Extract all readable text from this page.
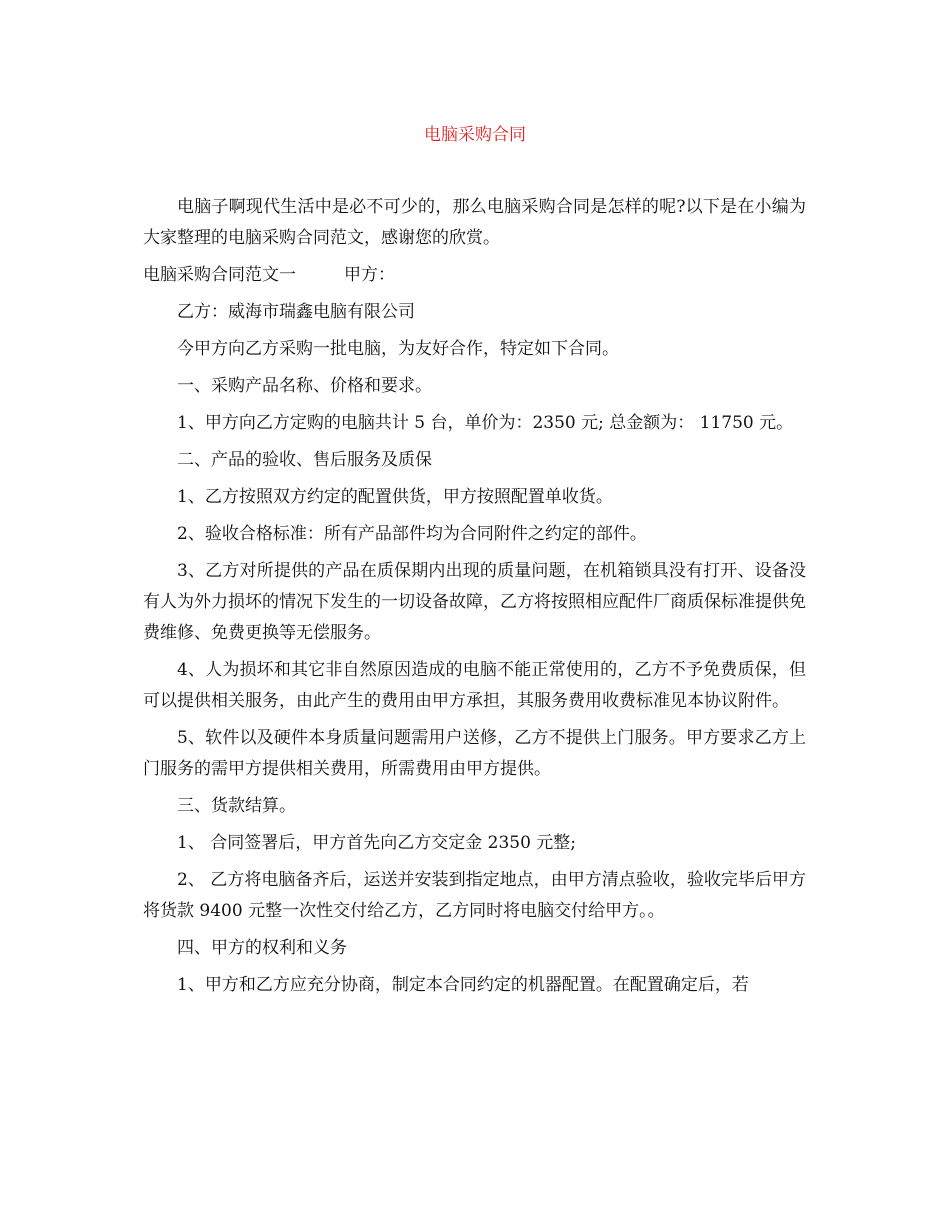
电脑采购合同

电脑子啊现代生活中是必不可少的，那么电脑采购合同是怎样的呢?以下是在小编为大家整理的电脑采购合同范文，感谢您的欣赏。

电脑采购合同范文一	甲方：

乙方：威海市瑞鑫电脑有限公司

今甲方向乙方采购一批电脑，为友好合作，特定如下合同。

一、采购产品名称、价格和要求。

1、甲方向乙方定购的电脑共计 5 台，单价为：2350 元; 总金额为： 11750 元。

二、产品的验收、售后服务及质保

1、乙方按照双方约定的配置供货，甲方按照配置单收货。

2、验收合格标准：所有产品部件均为合同附件之约定的部件。

3、乙方对所提供的产品在质保期内出现的质量问题，在机箱锁具没有打开、设备没有人为外力损坏的情况下发生的一切设备故障，乙方将按照相应配件厂商质保标准提供免费维修、免费更换等无偿服务。

4、人为损坏和其它非自然原因造成的电脑不能正常使用的，乙方不予免费质保，但可以提供相关服务，由此产生的费用由甲方承担，其服务费用收费标准见本协议附件。

5、软件以及硬件本身质量问题需用户送修，乙方不提供上门服务。甲方要求乙方上门服务的需甲方提供相关费用，所需费用由甲方提供。

三、货款结算。

1、 合同签署后，甲方首先向乙方交定金 2350 元整;

2、 乙方将电脑备齐后，运送并安装到指定地点，由甲方清点验收，验收完毕后甲方将货款 9400 元整一次性交付给乙方，乙方同时将电脑交付给甲方。。

四、甲方的权利和义务

1、甲方和乙方应充分协商，制定本合同约定的机器配置。在配置确定后，若
